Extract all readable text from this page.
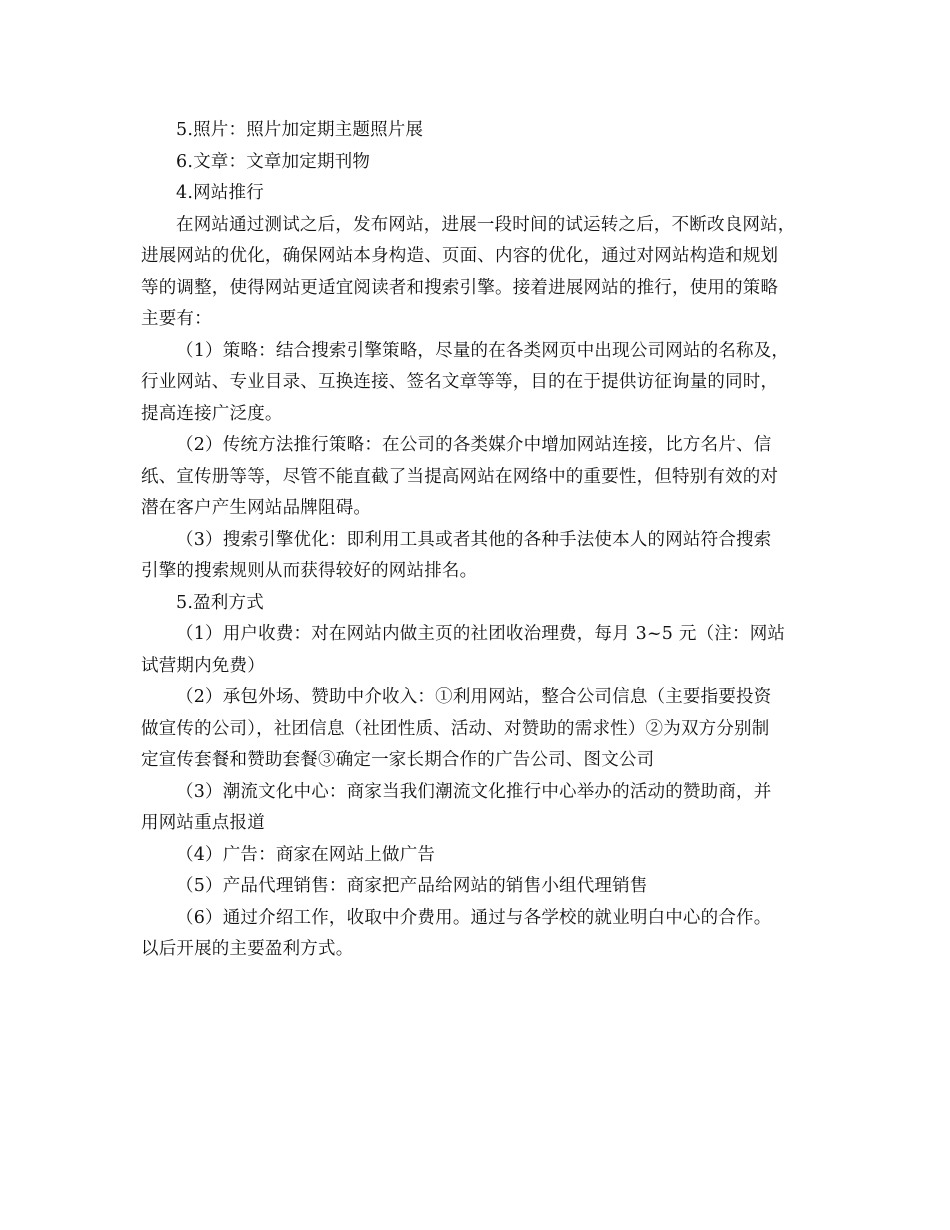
5.照片：照片加定期主题照片展
6.文章：文章加定期刊物
4.网站推行
在网站通过测试之后，发布网站，进展一段时间的试运转之后，不断改良网站，
进展网站的优化，确保网站本身构造、页面、内容的优化，通过对网站构造和规划
等的调整，使得网站更适宜阅读者和搜索引擎。接着进展网站的推行，使用的策略
主要有：
（1）策略：结合搜索引擎策略，尽量的在各类网页中出现公司网站的名称及，
行业网站、专业目录、互换连接、签名文章等等，目的在于提供访征询量的同时，
提高连接广泛度。
（2）传统方法推行策略：在公司的各类媒介中增加网站连接，比方名片、信
纸、宣传册等等，尽管不能直截了当提高网站在网络中的重要性，但特别有效的对
潜在客户产生网站品牌阻碍。
（3）搜索引擎优化：即利用工具或者其他的各种手法使本人的网站符合搜索
引擎的搜索规则从而获得较好的网站排名。
5.盈利方式
（1）用户收费：对在网站内做主页的社团收治理费，每月 3~5 元（注：网站
试营期内免费）
（2）承包外场、赞助中介收入：①利用网站，整合公司信息（主要指要投资
做宣传的公司），社团信息（社团性质、活动、对赞助的需求性）②为双方分别制
定宣传套餐和赞助套餐③确定一家长期合作的广告公司、图文公司
（3）潮流文化中心：商家当我们潮流文化推行中心举办的活动的赞助商，并
用网站重点报道
（4）广告：商家在网站上做广告
（5）产品代理销售：商家把产品给网站的销售小组代理销售
（6）通过介绍工作，收取中介费用。通过与各学校的就业明白中心的合作。
以后开展的主要盈利方式。
